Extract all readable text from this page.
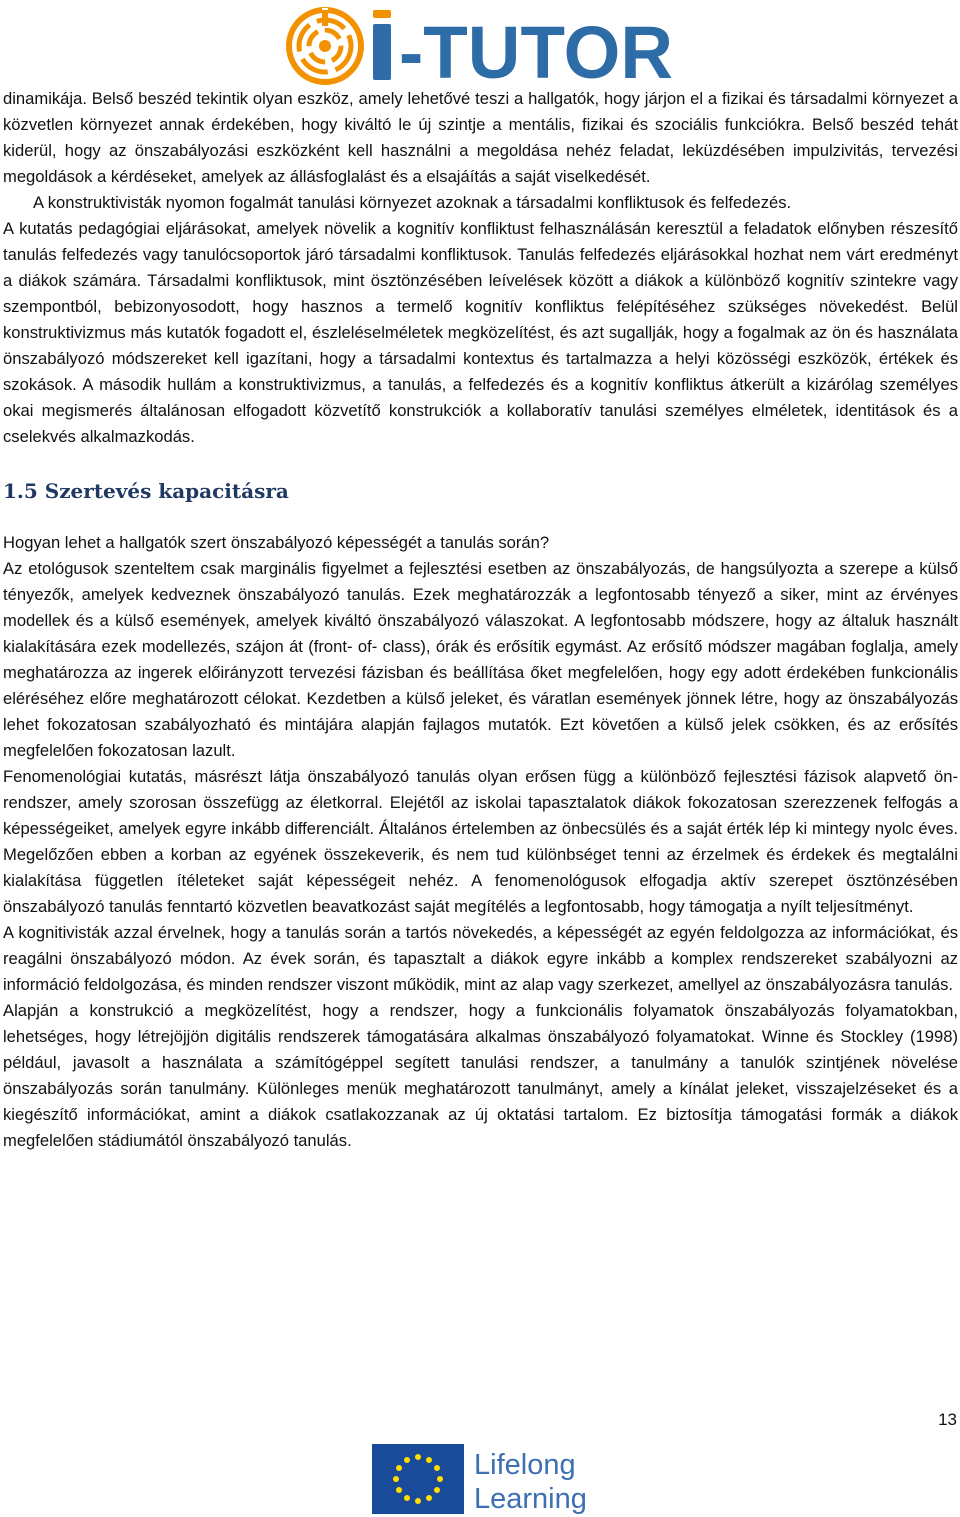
-TUTOR

dinamikája. Belső beszéd tekintik olyan eszköz, amely lehetővé teszi a hallgatók, hogy járjon el a fizikai és társadalmi környezet a közvetlen környezet annak érdekében, hogy kiváltó le új szintje a mentális, fizikai és szociális funkciókra. Belső beszéd tehát kiderül, hogy az önszabályozási eszközként kell használni a megoldása nehéz feladat, leküzdésében impulzivitás, tervezési megoldások a kérdéseket, amelyek az állásfoglalást és a elsajáítás a saját viselkedését.

A konstruktivisták nyomon fogalmát tanulási környezet azoknak a társadalmi konfliktusok és felfedezés.

A kutatás pedagógiai eljárásokat, amelyek növelik a kognitív konfliktust felhasználásán keresztül a feladatok előnyben részesítő tanulás felfedezés vagy tanulócsoportok járó társadalmi konfliktusok. Tanulás felfedezés eljárásokkal hozhat nem várt eredményt a diákok számára. Társadalmi konfliktusok, mint ösztönzésében leívelések között a diákok a különböző kognitív szintekre vagy szempontból, bebizonyosodott, hogy hasznos a termelő kognitív konfliktus felépítéséhez szükséges növekedést. Belül konstruktivizmus más kutatók fogadott el, észleléselméletek megközelítést, és azt sugallják, hogy a fogalmak az ön és használata önszabályozó módszereket kell igazítani, hogy a társadalmi kontextus és tartalmazza a helyi közösségi eszközök, értékek és szokások. A második hullám a konstruktivizmus, a tanulás, a felfedezés és a kognitív konfliktus átkerült a kizárólag személyes okai megismerés általánosan elfogadott közvetítő konstrukciók a kollaboratív tanulási személyes elméletek, identitások és a cselekvés alkalmazkodás.

1.5 Szertevés kapacitásra

Hogyan lehet a hallgatók szert önszabályozó képességét a tanulás során?

Az etológusok szenteltem csak marginális figyelmet a fejlesztési esetben az önszabályozás, de hangsúlyozta a szerepe a külső tényezők, amelyek kedveznek önszabályozó tanulás. Ezek meghatározzák a legfontosabb tényező a siker, mint az érvényes modellek és a külső események, amelyek kiváltó önszabályozó válaszokat. A legfontosabb módszere, hogy az általuk használt kialakítására ezek modellezés, szájon át (front- of- class), órák és erősítik egymást. Az erősítő módszer magában foglalja, amely meghatározza az ingerek előirányzott tervezési fázisban és beállítása őket megfelelően, hogy egy adott érdekében funkcionális eléréséhez előre meghatározott célokat. Kezdetben a külső jeleket, és váratlan események jönnek létre, hogy az önszabályozás lehet fokozatosan szabályozható és mintájára alapján fajlagos mutatók. Ezt követően a külső jelek csökken, és az erősítés megfelelően fokozatosan lazult.

Fenomenológiai kutatás, másrészt látja önszabályozó tanulás olyan erősen függ a különböző fejlesztési fázisok alapvető ön- rendszer, amely szorosan összefügg az életkorral. Elejétől az iskolai tapasztalatok diákok fokozatosan szerezzenek felfogás a képességeiket, amelyek egyre inkább differenciált. Általános értelemben az önbecsülés és a saját érték lép ki mintegy nyolc éves. Megelőzően ebben a korban az egyének összekeverik, és nem tud különbséget tenni az érzelmek és érdekek és megtalálni kialakítása független ítéleteket saját képességeit nehéz. A fenomenológusok elfogadja aktív szerepet ösztönzésében önszabályozó tanulás fenntartó közvetlen beavatkozást saját megítélés a legfontosabb, hogy támogatja a nyílt teljesítményt.

A kognitivisták azzal érvelnek, hogy a tanulás során a tartós növekedés, a képességét az egyén feldolgozza az információkat, és reagálni önszabályozó módon. Az évek során, és tapasztalt a diákok egyre inkább a komplex rendszereket szabályozni az információ feldolgozása, és minden rendszer viszont működik, mint az alap vagy szerkezet, amellyel az önszabályozásra tanulás.

Alapján a konstrukció a megközelítést, hogy a rendszer, hogy a funkcionális folyamatok önszabályozás folyamatokban, lehetséges, hogy létrejöjjön digitális rendszerek támogatására alkalmas önszabályozó folyamatokat. Winne és Stockley (1998) például, javasolt a használata a számítógéppel segített tanulási rendszer, a tanulmány a tanulók szintjének növelése önszabályozás során tanulmány. Különleges menük meghatározott tanulmányt, amely a kínálat jeleket, visszajelzéseket és a kiegészítő információkat, amint a diákok csatlakozzanak az új oktatási tartalom. Ez biztosítja támogatási formák a diákok megfelelően stádiumától önszabályozó tanulás.

13
Lifelong
Learning
